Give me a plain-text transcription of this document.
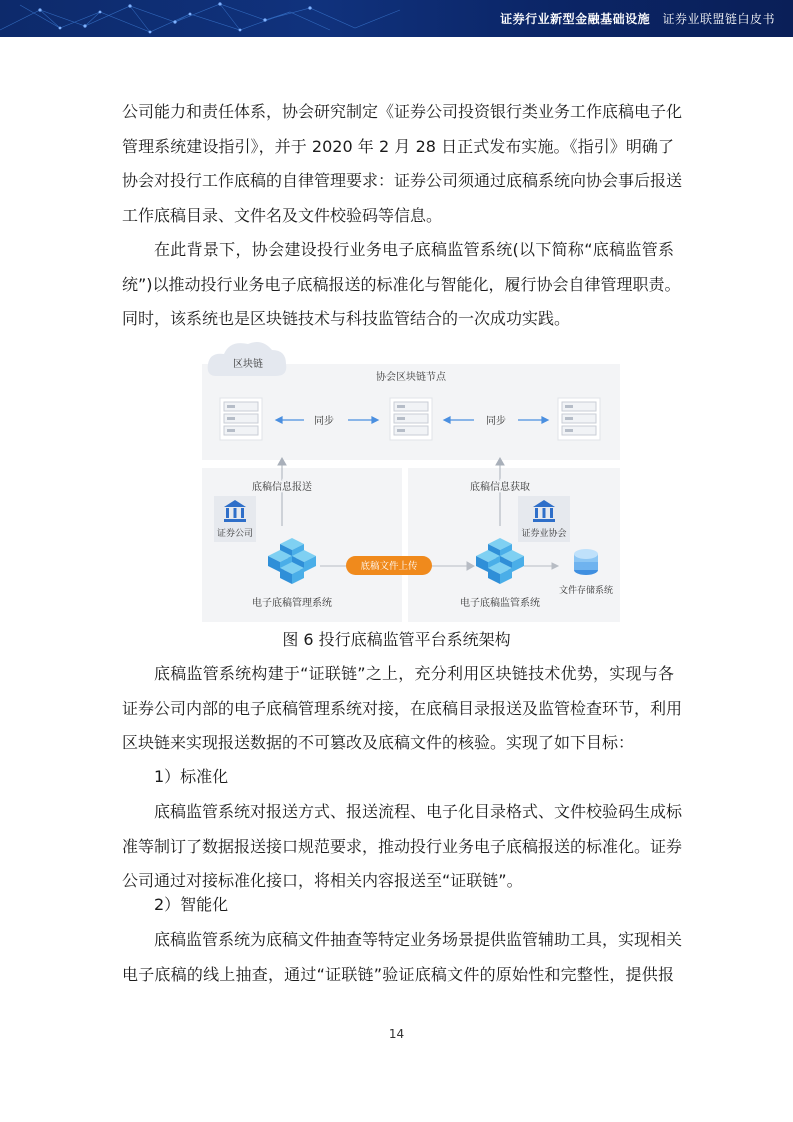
证券行业新型金融基础设施 证券业联盟链白皮书
公司能力和责任体系，协会研究制定《证券公司投资银行类业务工作底稿电子化
管理系统建设指引》，并于 2020 年 2 月 28 日正式发布实施。《指引》明确了
协会对投行工作底稿的自律管理要求：证券公司须通过底稿系统向协会事后报送
工作底稿目录、文件名及文件校验码等信息。
在此背景下，协会建设投行业务电子底稿监管系统(以下简称“底稿监管系
统”)以推动投行业务电子底稿报送的标准化与智能化，履行协会自律管理职责。
同时，该系统也是区块链技术与科技监管结合的一次成功实践。
区块链
协会区块链节点
同步	同步
底稿信息报送	底稿信息获取
证券公司	证券业协会
底稿文件上传
文件存储系统
电子底稿管理系统	电子底稿监管系统
图 6 投行底稿监管平台系统架构
底稿监管系统构建于“证联链”之上，充分利用区块链技术优势，实现与各
证券公司内部的电子底稿管理系统对接，在底稿目录报送及监管检查环节，利用
区块链来实现报送数据的不可篡改及底稿文件的核验。实现了如下目标：
1）标准化
底稿监管系统对报送方式、报送流程、电子化目录格式、文件校验码生成标
准等制订了数据报送接口规范要求，推动投行业务电子底稿报送的标准化。证券
公司通过对接标准化接口，将相关内容报送至“证联链”。
2）智能化
底稿监管系统为底稿文件抽查等特定业务场景提供监管辅助工具，实现相关
电子底稿的线上抽查，通过“证联链”验证底稿文件的原始性和完整性，提供报
14
